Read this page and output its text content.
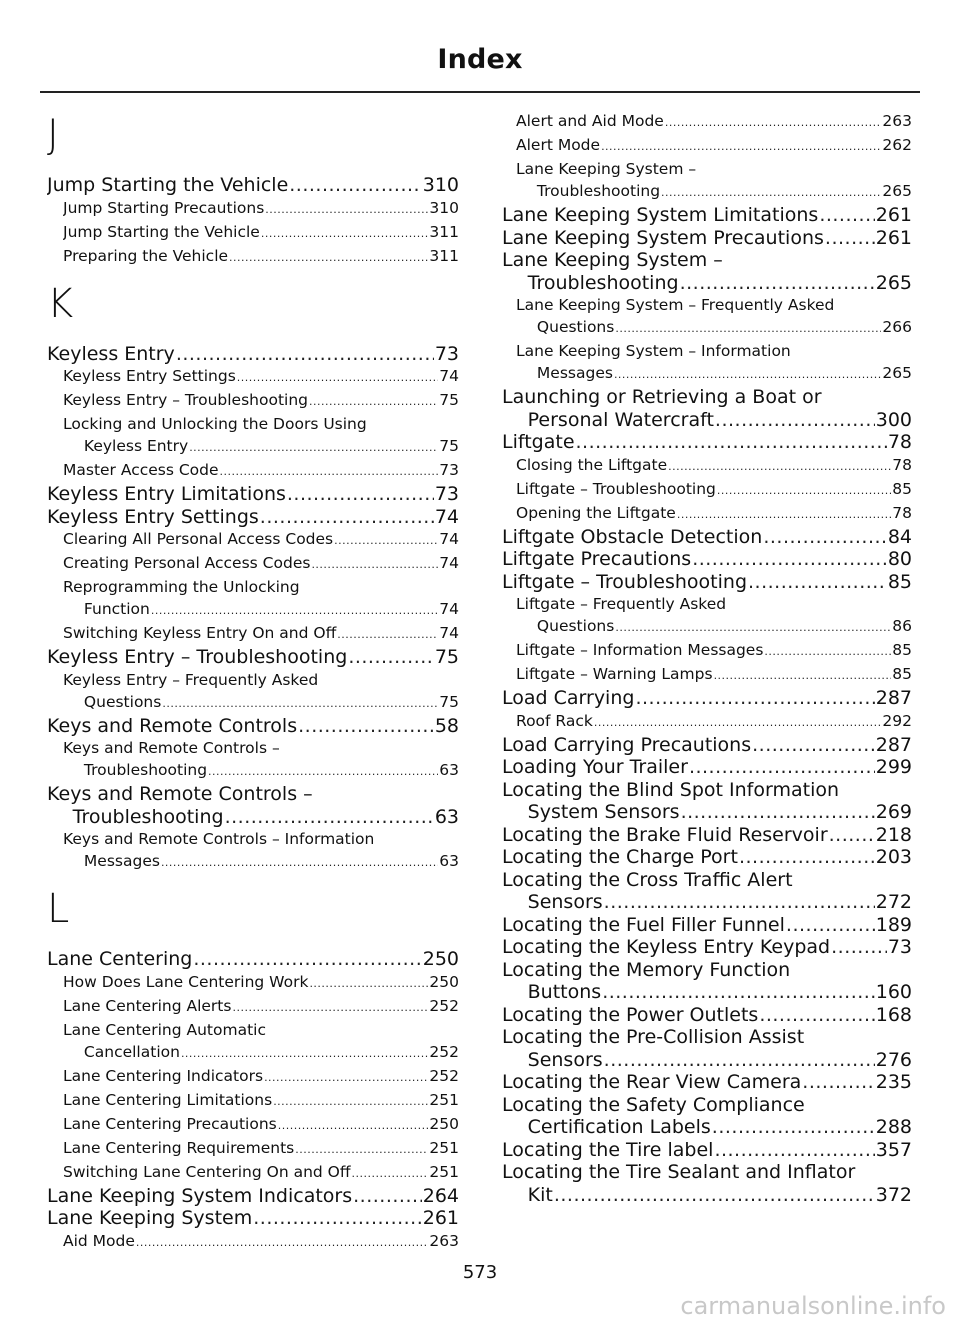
Index
J
Jump Starting the Vehicle .....	310
Jump Starting Precautions .....	310
Jump Starting the Vehicle .....	311
Preparing the Vehicle .....	311
K
Keyless Entry .....	73
Keyless Entry Settings .....	74
Keyless Entry – Troubleshooting .....	75
Locking and Unlocking the Doors Using
Keyless Entry .....	75
Master Access Code .....	73
Keyless Entry Limitations .....	73
Keyless Entry Settings .....	74
Clearing All Personal Access Codes .....	74
Creating Personal Access Codes .....	74
Reprogramming the Unlocking
Function .....	74
Switching Keyless Entry On and Off .....	74
Keyless Entry – Troubleshooting .....	75
Keyless Entry – Frequently Asked
Questions .....	75
Keys and Remote Controls .....	58
Keys and Remote Controls –
Troubleshooting .....	63
Keys and Remote Controls –
Troubleshooting .....	63
Keys and Remote Controls – Information
Messages .....	63
L
Lane Centering .....	250
How Does Lane Centering Work .....	250
Lane Centering Alerts .....	252
Lane Centering Automatic
Cancellation .....	252
Lane Centering Indicators .....	252
Lane Centering Limitations .....	251
Lane Centering Precautions .....	250
Lane Centering Requirements .....	251
Switching Lane Centering On and Off .....	251
Lane Keeping System Indicators .....	264
Lane Keeping System .....	261
Aid Mode .....	263
Alert and Aid Mode .....	263
Alert Mode .....	262
Lane Keeping System –
Troubleshooting .....	265
Lane Keeping System Limitations .....	261
Lane Keeping System Precautions .....	261
Lane Keeping System –
Troubleshooting .....	265
Lane Keeping System – Frequently Asked
Questions .....	266
Lane Keeping System – Information
Messages .....	265
Launching or Retrieving a Boat or
Personal Watercraft .....	300
Liftgate .....	78
Closing the Liftgate .....	78
Liftgate – Troubleshooting .....	85
Opening the Liftgate .....	78
Liftgate Obstacle Detection .....	84
Liftgate Precautions .....	80
Liftgate – Troubleshooting .....	85
Liftgate – Frequently Asked
Questions .....	86
Liftgate – Information Messages .....	85
Liftgate – Warning Lamps .....	85
Load Carrying .....	287
Roof Rack .....	292
Load Carrying Precautions .....	287
Loading Your Trailer .....	299
Locating the Blind Spot Information
System Sensors .....	269
Locating the Brake Fluid Reservoir .....	218
Locating the Charge Port .....	203
Locating the Cross Traffic Alert
Sensors .....	272
Locating the Fuel Filler Funnel .....	189
Locating the Keyless Entry Keypad .....	73
Locating the Memory Function
Buttons .....	160
Locating the Power Outlets .....	168
Locating the Pre-Collision Assist
Sensors .....	276
Locating the Rear View Camera .....	235
Locating the Safety Compliance
Certification Labels .....	288
Locating the Tire label .....	357
Locating the Tire Sealant and Inflator
Kit .....	372
573
carmanualsonline.info
